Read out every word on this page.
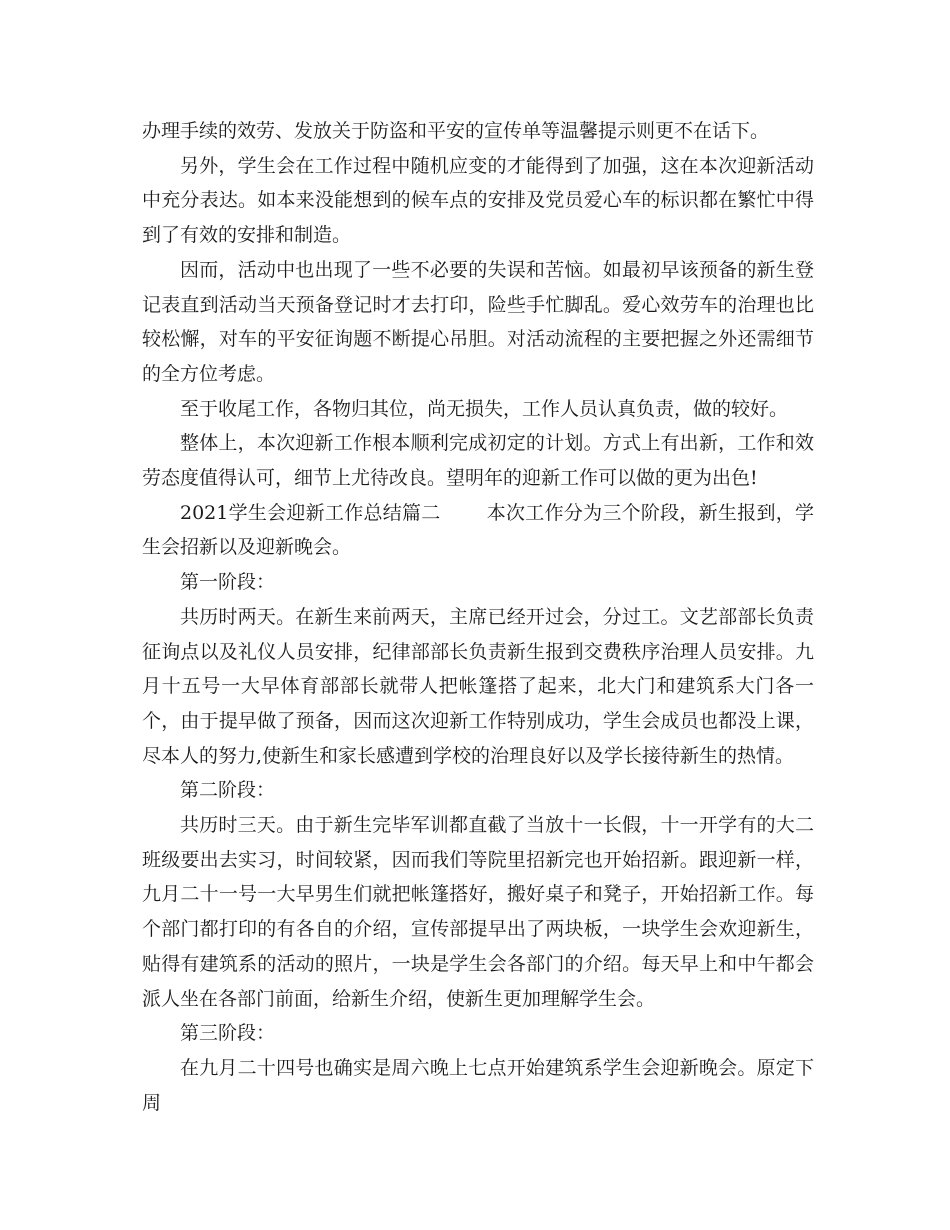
办理手续的效劳、发放关于防盗和平安的宣传单等温馨提示则更不在话下。

另外，学生会在工作过程中随机应变的才能得到了加强，这在本次迎新活动中充分表达。如本来没能想到的候车点的安排及党员爱心车的标识都在繁忙中得到了有效的安排和制造。

因而，活动中也出现了一些不必要的失误和苦恼。如最初早该预备的新生登记表直到活动当天预备登记时才去打印，险些手忙脚乱。爱心效劳车的治理也比较松懈，对车的平安征询题不断提心吊胆。对活动流程的主要把握之外还需细节的全方位考虑。

至于收尾工作，各物归其位，尚无损失，工作人员认真负责，做的较好。

整体上，本次迎新工作根本顺利完成初定的计划。方式上有出新，工作和效劳态度值得认可，细节上尤待改良。望明年的迎新工作可以做的更为出色!

2021学生会迎新工作总结篇二 本次工作分为三个阶段，新生报到，学生会招新以及迎新晚会。

第一阶段：

共历时两天。在新生来前两天，主席已经开过会，分过工。文艺部部长负责征询点以及礼仪人员安排，纪律部部长负责新生报到交费秩序治理人员安排。九月十五号一大早体育部部长就带人把帐篷搭了起来，北大门和建筑系大门各一个，由于提早做了预备，因而这次迎新工作特别成功，学生会成员也都没上课，尽本人的努力,使新生和家长感遭到学校的治理良好以及学长接待新生的热情。

第二阶段：

共历时三天。由于新生完毕军训都直截了当放十一长假，十一开学有的大二班级要出去实习，时间较紧，因而我们等院里招新完也开始招新。跟迎新一样，九月二十一号一大早男生们就把帐篷搭好，搬好桌子和凳子，开始招新工作。每个部门都打印的有各自的介绍，宣传部提早出了两块板，一块学生会欢迎新生，贴得有建筑系的活动的照片，一块是学生会各部门的介绍。每天早上和中午都会派人坐在各部门前面，给新生介绍，使新生更加理解学生会。

第三阶段：

在九月二十四号也确实是周六晚上七点开始建筑系学生会迎新晚会。原定下周
